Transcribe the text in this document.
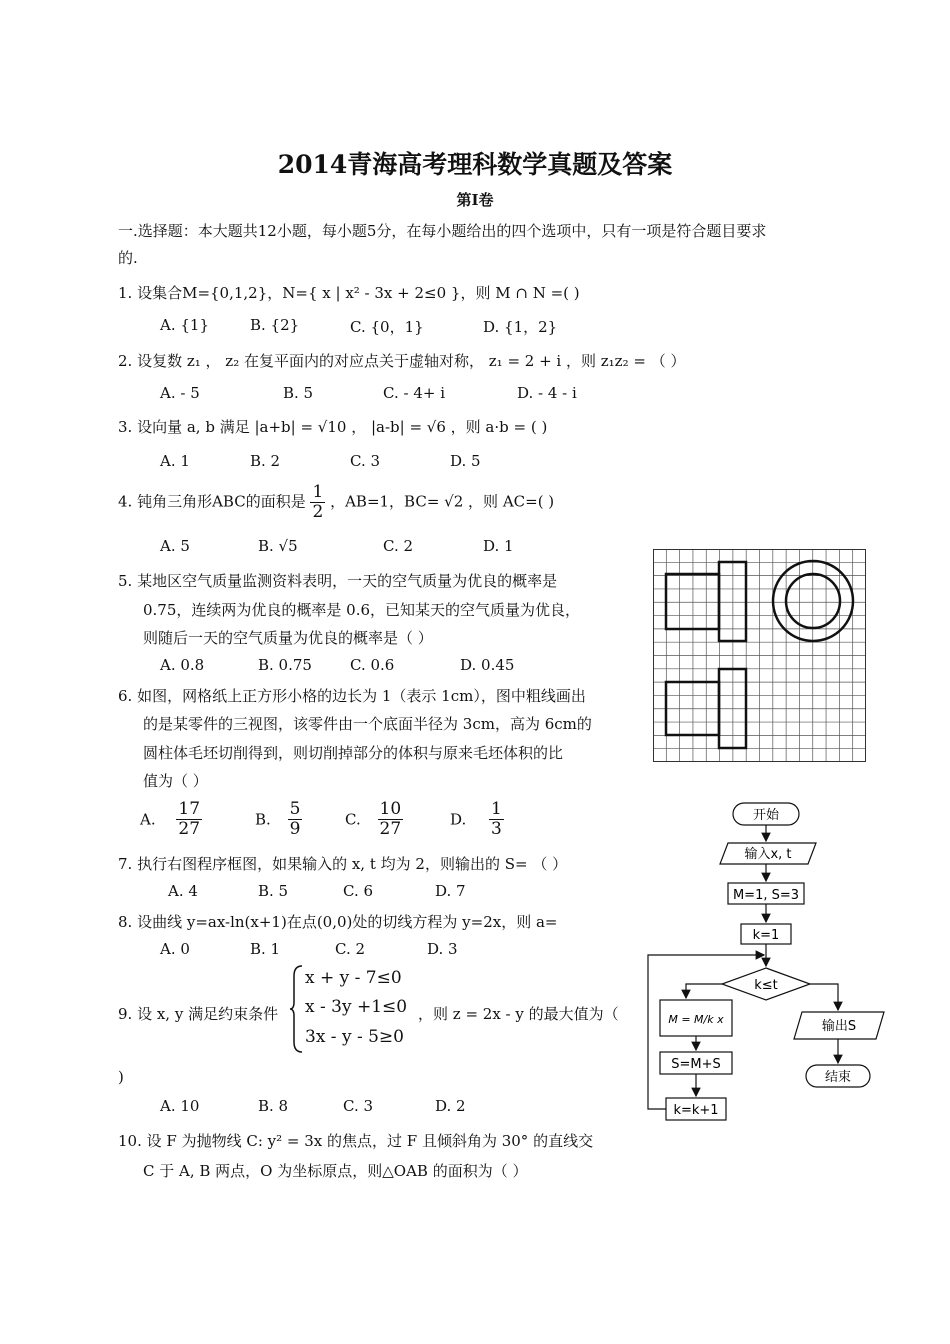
2014青海高考理科数学真题及答案
第Ⅰ卷
一.选择题：本大题共12小题，每小题5分，在每小题给出的四个选项中，只有一项是符合题目要求
的.
1. 设集合M={0,1,2}，N={ x | x² - 3x + 2≤0 }，则 M ∩ N =( )
A. {1}	B. {2}	C. {0，1}	D. {1，2}
2. 设复数 z₁ ， z₂ 在复平面内的对应点关于虚轴对称， z₁ = 2 + i ，则 z₁z₂ = （ ）
A. - 5	B. 5	C. - 4+ i	D. - 4 - i
3. 设向量 a, b 满足 |a+b| = √10 ， |a-b| = √6 ，则 a·b = ( )
A. 1	B. 2	C. 3	D. 5
4. 钝角三角形ABC的面积是 $\frac{1}{2}$ ，AB=1，BC= √2 ，则 AC=( )
A. 5	B. √5	C. 2	D. 1
5. 某地区空气质量监测资料表明，一天的空气质量为优良的概率是
0.75，连续两为优良的概率是 0.6，已知某天的空气质量为优良，
则随后一天的空气质量为优良的概率是（ ）
A. 0.8	B. 0.75	C. 0.6	D. 0.45
6. 如图，网格纸上正方形小格的边长为 1（表示 1cm），图中粗线画出
的是某零件的三视图，该零件由一个底面半径为 3cm，高为 6cm的
圆柱体毛坯切削得到，则切削掉部分的体积与原来毛坯体积的比
值为（ ）
A. $\frac{17}{27}$	B. $\frac{5}{9}$	C. $\frac{10}{27}$	D. $\frac{1}{3}$
7. 执行右图程序框图，如果输入的 x, t 均为 2，则输出的 S= （ ）
A. 4	B. 5	C. 6	D. 7
8. 设曲线 y=ax-ln(x+1)在点(0,0)处的切线方程为 y=2x，则 a=
A. 0	B. 1	C. 2	D. 3
9. 设 x, y 满足约束条件
x + y - 7≤0
x - 3y +1≤0
3x - y - 5≥0
，则 z = 2x - y 的最大值为（
)
A. 10	B. 8	C. 3	D. 2
10. 设 F 为抛物线 C: y² = 3x 的焦点，过 F 且倾斜角为 30° 的直线交
C 于 A, B 两点，O 为坐标原点，则△OAB 的面积为（ ）
开始
输入x, t
M=1, S=3
k=1
k≤t
M = M/k x
S=M+S
k=k+1
输出S
结束
